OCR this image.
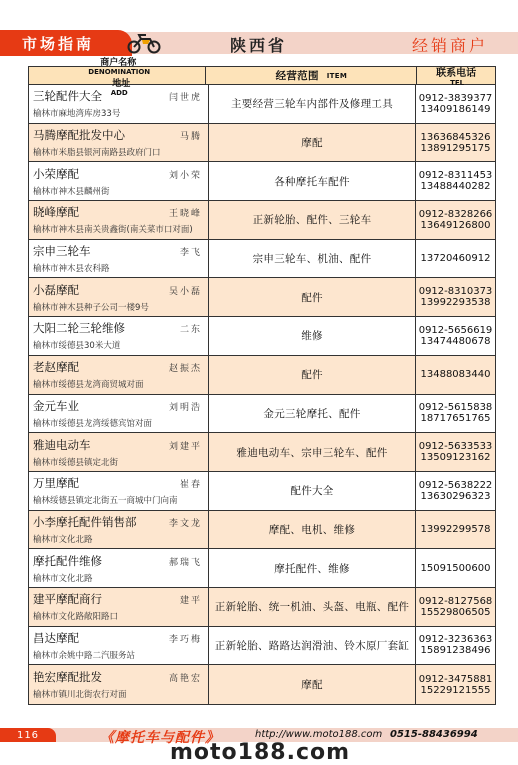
市场指南	陕西省	经销商户
商户名称
DENOMINATION
地址
ADD
经营范围 ITEM	联系电话
TEL
三轮配件大全	闫世虎
榆林市麻地湾库房33号
主要经营三轮车内部件及修理工具	0912-3839377
13409186149
马腾摩配批发中心	马腾
榆林市米脂县银河南路县政府门口
摩配	13636845326
13891295175
小荣摩配	刘小荣
榆林市神木县麟州街
各种摩托车配件	0912-8311453
13488440282
晓峰摩配	王晓峰
榆林市神木县南关贵鑫街(南关菜市口对面)
正新轮胎、配件、三轮车	0912-8328266
13649126800
宗申三轮车	李飞
榆林市神木县农科路
宗申三轮车、机油、配件	13720460912
小磊摩配	吴小磊
榆林市神木县种子公司一楼9号
配件	0912-8310373
13992293538
大阳二轮三轮维修	二东
榆林市绥德县30米大道
维修	0912-5656619
13474480678
老赵摩配	赵振杰
榆林市绥德县龙湾商贸城对面
配件	13488083440
金元车业	刘明浩
榆林市绥德县龙湾绥德宾馆对面
金元三轮摩托、配件	0912-5615838
18717651765
雅迪电动车	刘建平
榆林市绥德县镇定北街
雅迪电动车、宗申三轮车、配件	0912-5633533
13509123162
万里摩配	崔春
榆林绥德县镇定北街五一商城中门向南
配件大全	0912-5638222
13630296323
小李摩托配件销售部	李文龙
榆林市文化北路
摩配、电机、维修	13992299578
摩托配件维修	郝瑞飞
榆林市文化北路
摩托配件、维修	15091500600
建平摩配商行	建平
榆林市文化路敞阳路口
正新轮胎、统一机油、头盔、电瓶、配件 0912-8127568
15529806505
昌达摩配	李巧梅
榆林市余姚中路二汽服务站
正新轮胎、路路达润滑油、铃木原厂套缸 0912-3236363
15891238496
艳宏摩配批发	高艳宏
榆林市镇川北街农行对面
摩配	0912-3475881
15229121555
116	《摩托车与配件》	http://www.moto188.com 0515-88436994
moto188.com
